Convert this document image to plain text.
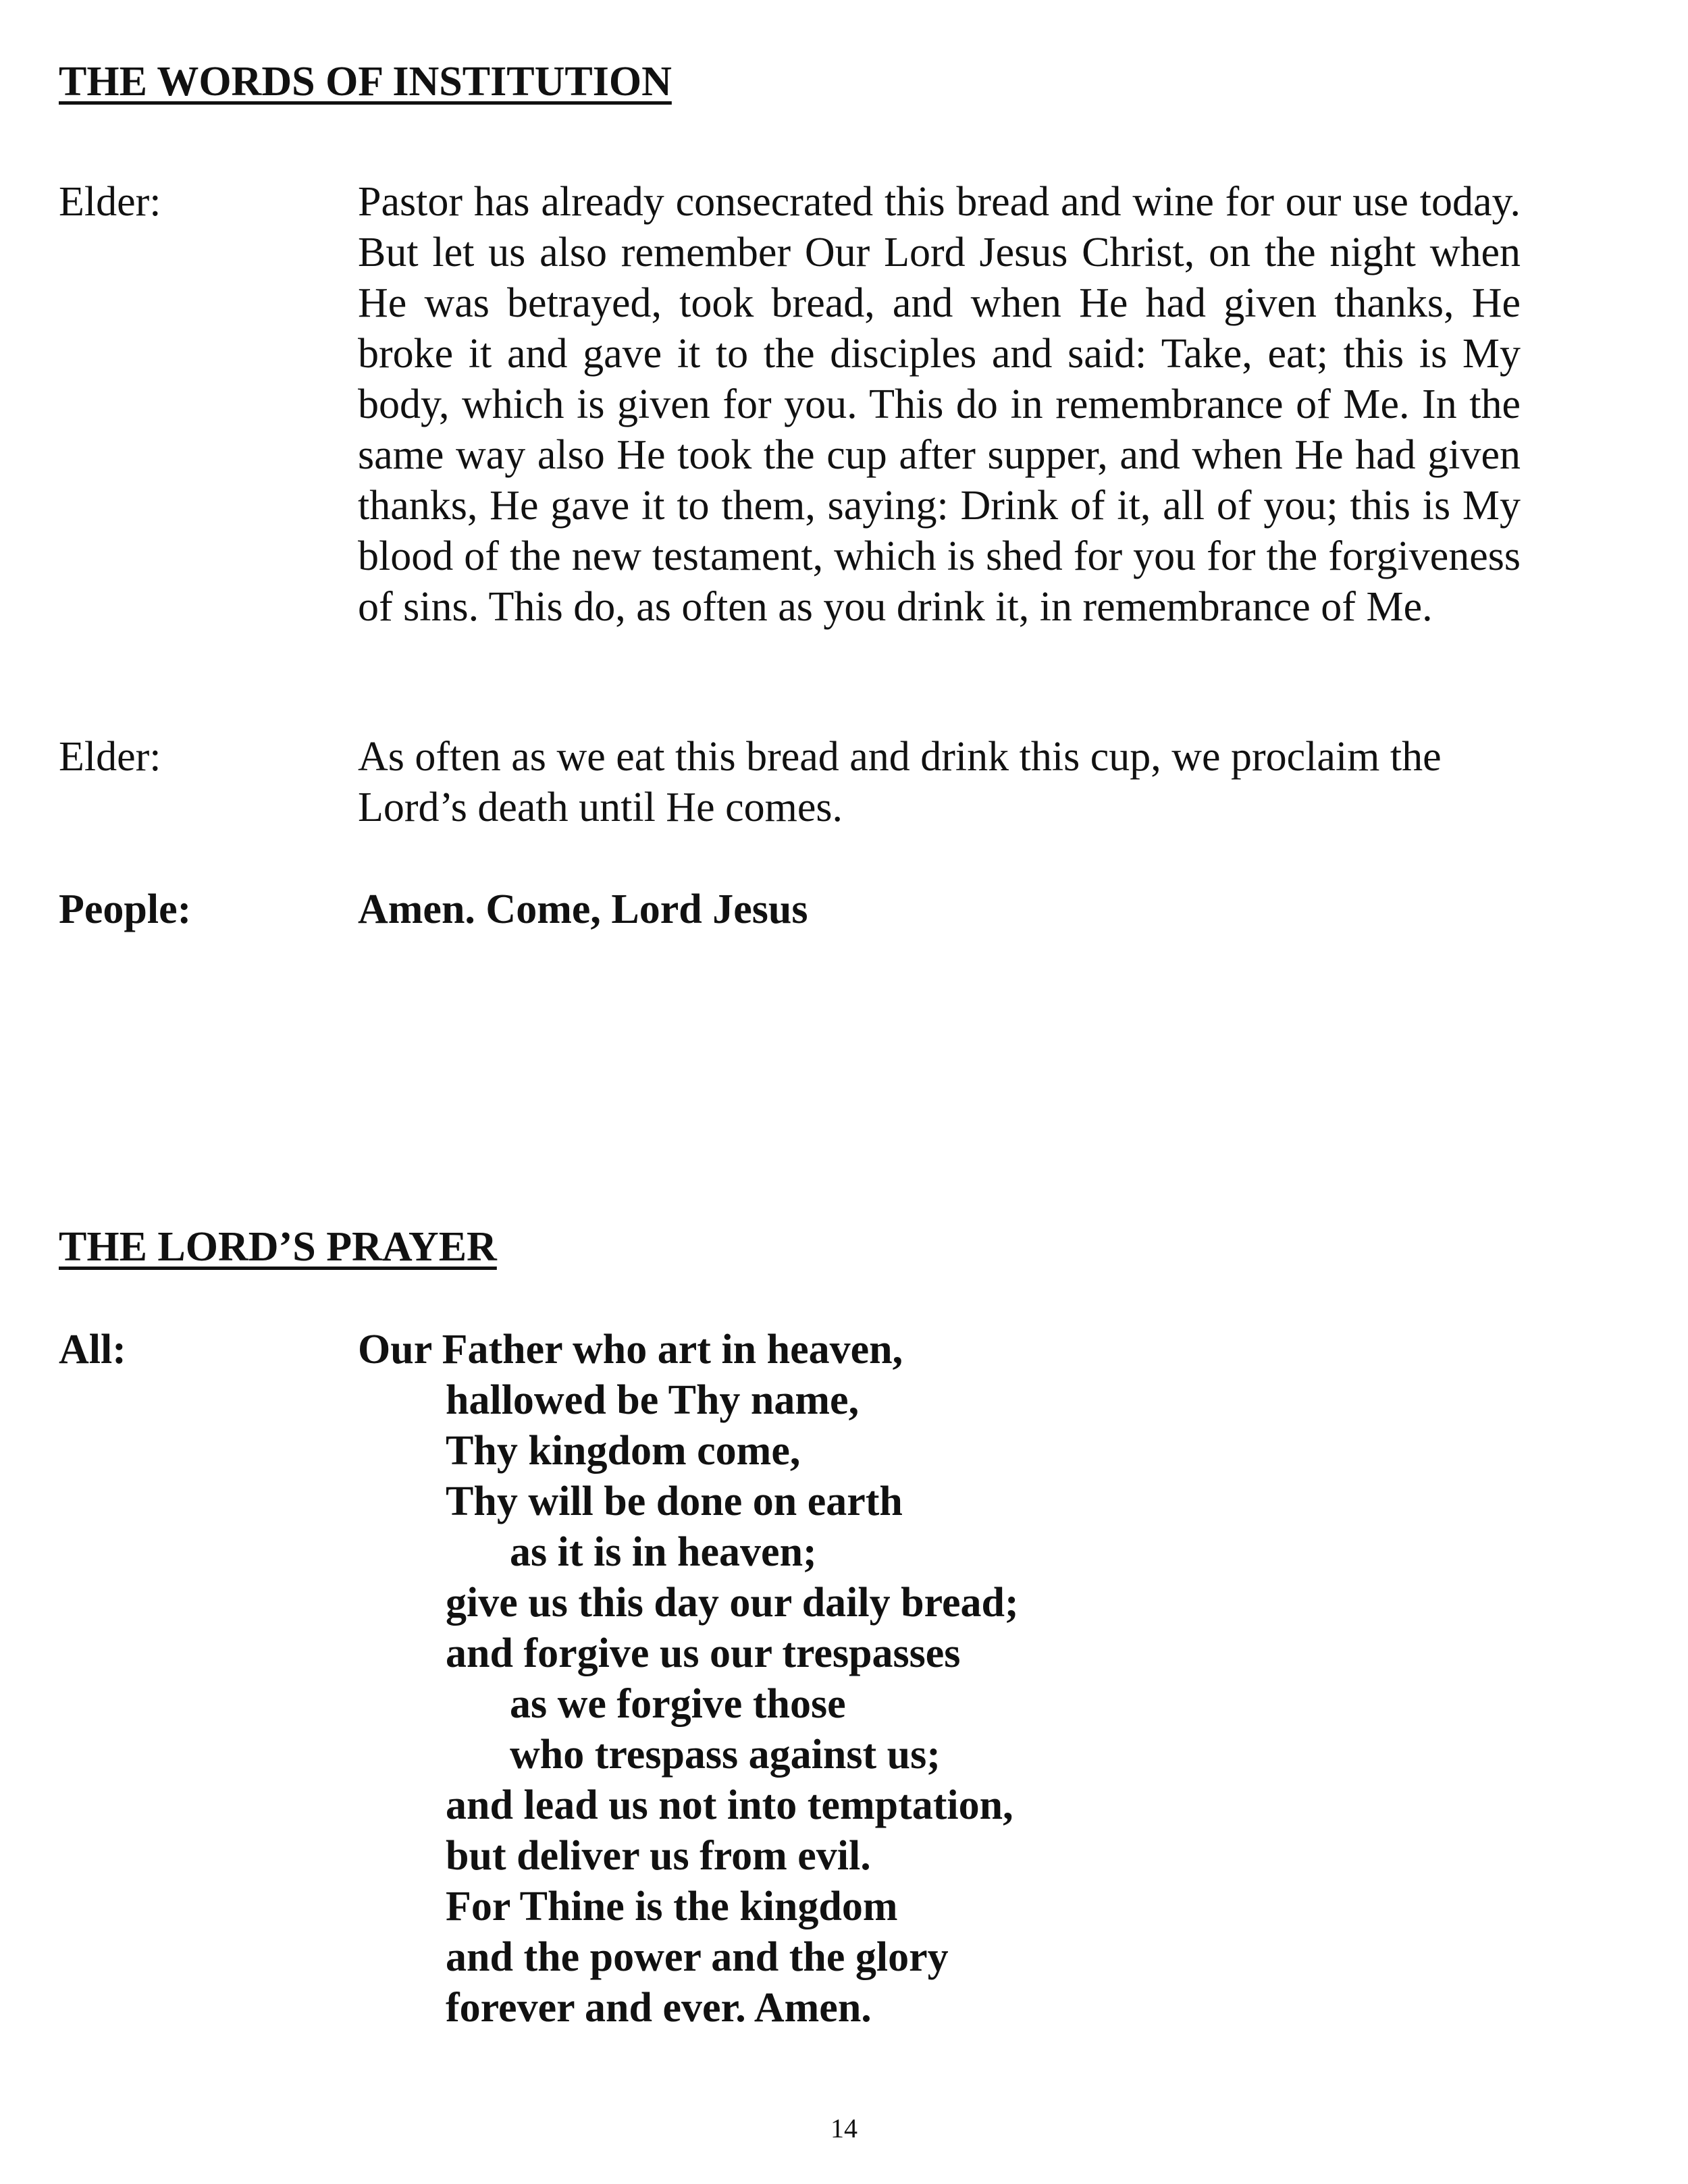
THE WORDS OF INSTITUTION
Elder:	Pastor has already consecrated this bread and wine for our use today. But let us also remember Our Lord Jesus Christ, on the night when He was betrayed, took bread, and when He had given thanks, He broke it and gave it to the disciples and said: Take, eat; this is My body, which is given for you. This do in remembrance of Me. In the same way also He took the cup after supper, and when He had given thanks, He gave it to them, saying: Drink of it, all of you; this is My blood of the new testament, which is shed for you for the forgiveness of sins. This do, as often as you drink it, in remembrance of Me.

Elder:	As often as we eat this bread and drink this cup, we proclaim the
Lord’s death until He comes.
People:	Amen. Come, Lord Jesus
THE LORD’S PRAYER
All:	Our Father who art in heaven,
hallowed be Thy name,
Thy kingdom come,
Thy will be done on earth
as it is in heaven;
give us this day our daily bread;
and forgive us our trespasses
as we forgive those
who trespass against us;
and lead us not into temptation,
but deliver us from evil.
For Thine is the kingdom
and the power and the glory
forever and ever. Amen.
14
